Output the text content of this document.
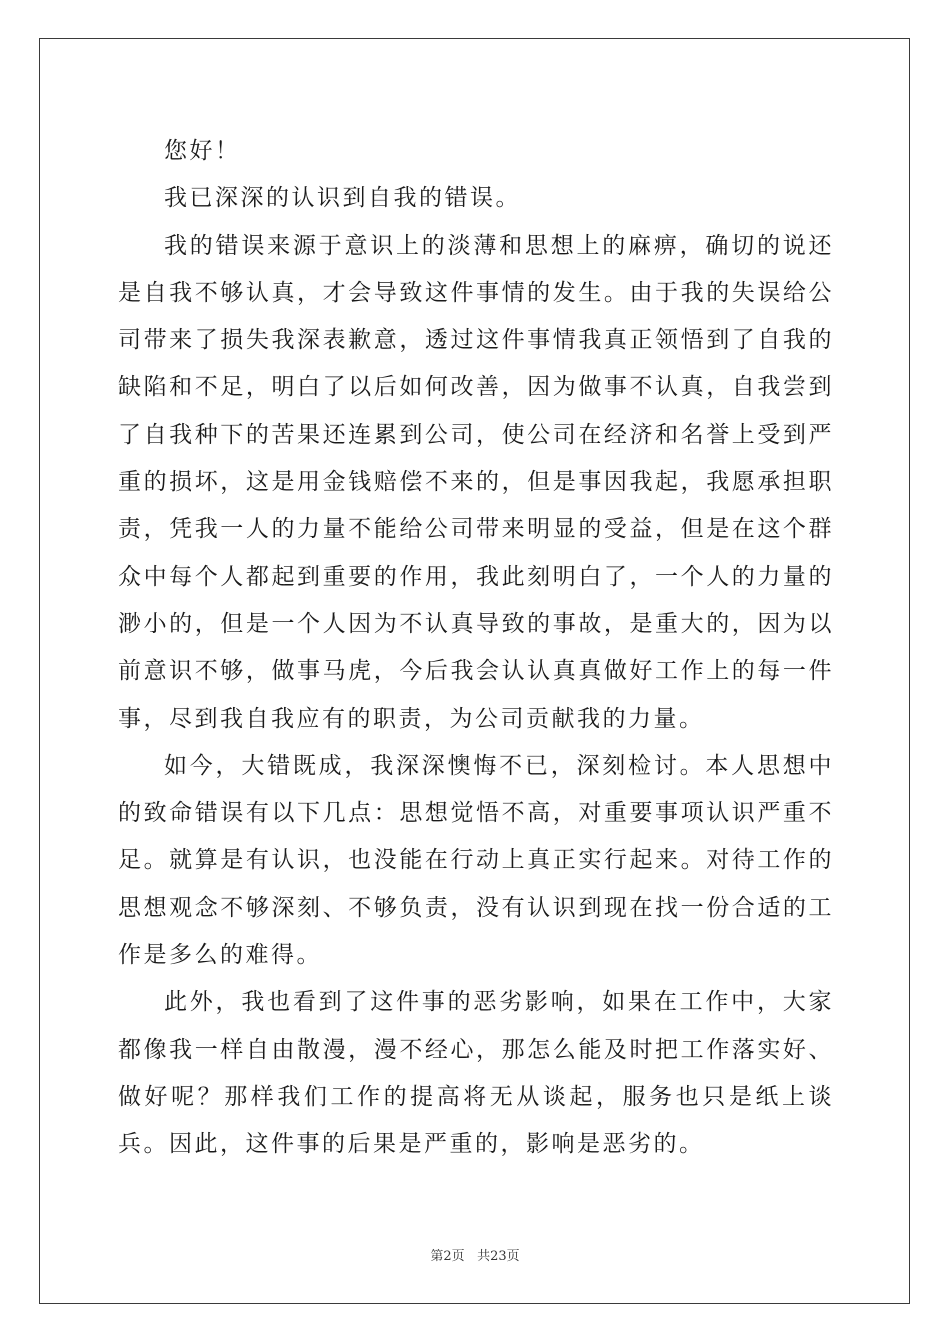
您好！

我已深深的认识到自我的错误。

我的错误来源于意识上的淡薄和思想上的麻痹，确切的说还是自我不够认真，才会导致这件事情的发生。由于我的失误给公司带来了损失我深表歉意，透过这件事情我真正领悟到了自我的缺陷和不足，明白了以后如何改善，因为做事不认真，自我尝到了自我种下的苦果还连累到公司，使公司在经济和名誉上受到严重的损坏，这是用金钱赔偿不来的，但是事因我起，我愿承担职责，凭我一人的力量不能给公司带来明显的受益，但是在这个群众中每个人都起到重要的作用，我此刻明白了，一个人的力量的渺小的，但是一个人因为不认真导致的事故，是重大的，因为以前意识不够，做事马虎，今后我会认认真真做好工作上的每一件事，尽到我自我应有的职责，为公司贡献我的力量。

如今，大错既成，我深深懊悔不已，深刻检讨。本人思想中的致命错误有以下几点：思想觉悟不高，对重要事项认识严重不足。就算是有认识，也没能在行动上真正实行起来。对待工作的思想观念不够深刻、不够负责，没有认识到现在找一份合适的工作是多么的难得。

此外，我也看到了这件事的恶劣影响，如果在工作中，大家都像我一样自由散漫，漫不经心，那怎么能及时把工作落实好、做好呢？那样我们工作的提高将无从谈起，服务也只是纸上谈兵。因此，这件事的后果是严重的，影响是恶劣的。

第2页 共23页
